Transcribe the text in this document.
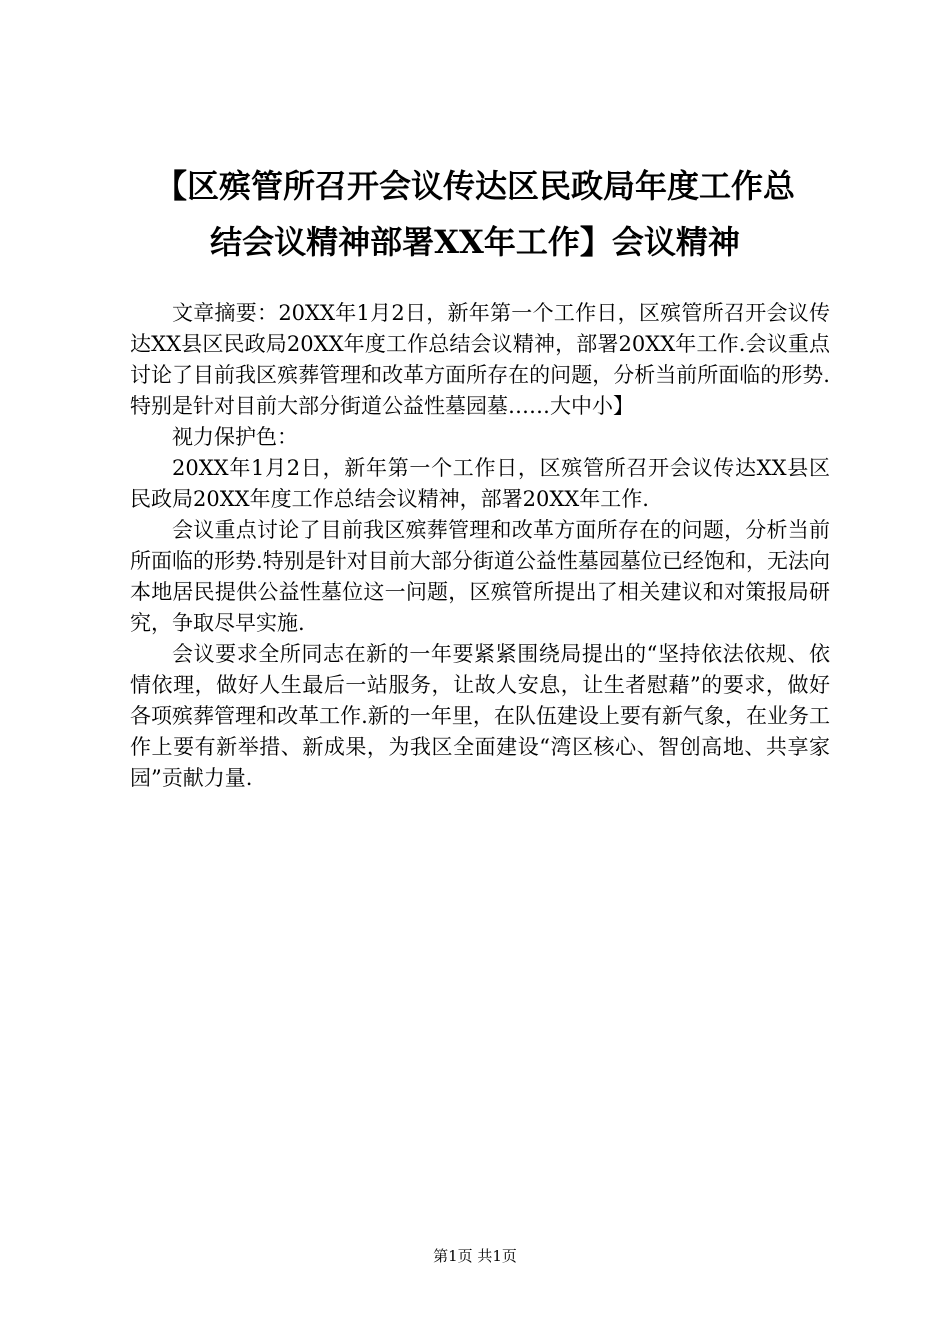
【区殡管所召开会议传达区民政局年度工作总
结会议精神部署XX年工作】会议精神

文章摘要：20XX年1月2日，新年第一个工作日，区殡管所召开会议传达XX县区民政局20XX年度工作总结会议精神，部署20XX年工作.会议重点讨论了目前我区殡葬管理和改革方面所存在的问题，分析当前所面临的形势.特别是针对目前大部分街道公益性墓园墓……大中小】

视力保护色：

20XX年1月2日，新年第一个工作日，区殡管所召开会议传达XX县区民政局20XX年度工作总结会议精神，部署20XX年工作.

会议重点讨论了目前我区殡葬管理和改革方面所存在的问题，分析当前所面临的形势.特别是针对目前大部分街道公益性墓园墓位已经饱和，无法向本地居民提供公益性墓位这一问题，区殡管所提出了相关建议和对策报局研究，争取尽早实施.

会议要求全所同志在新的一年要紧紧围绕局提出的“坚持依法依规、依情依理，做好人生最后一站服务，让故人安息，让生者慰藉”的要求，做好各项殡葬管理和改革工作.新的一年里，在队伍建设上要有新气象，在业务工作上要有新举措、新成果，为我区全面建设“湾区核心、智创高地、共享家园”贡献力量.

第1页 共1页
